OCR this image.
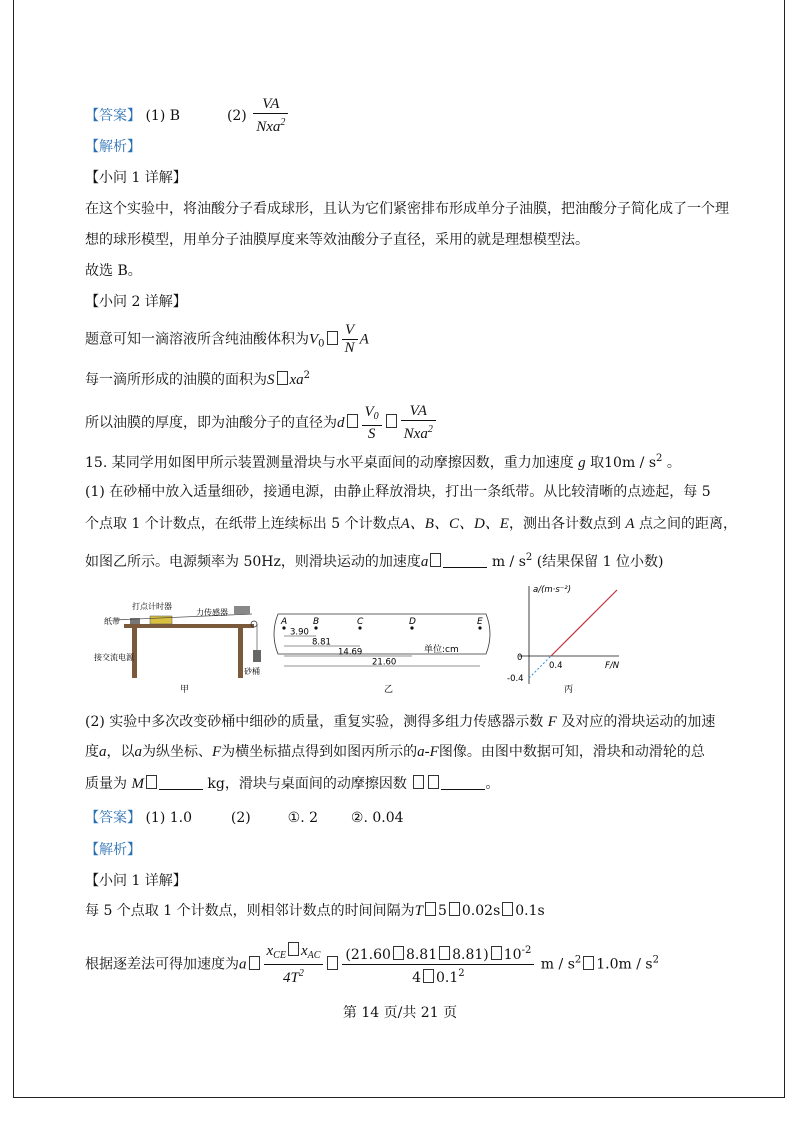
【答案】 (1) B	$(2) \frac{VA}{Nxa^2}$
【解析】
【小问 1 详解】
在这个实验中，将油酸分子看成球形，且认为它们紧密排布形成单分子油膜，把油酸分子简化成了一个理
想的球形模型，用单分子油膜厚度来等效油酸分子直径，采用的就是理想模型法。
故选 B。
【小问 2 详解】
题意可知一滴溶液所含纯油酸体积为$V_0 \frac{V}{N}$ A
每一滴所形成的油膜的面积为S $xa^2$
所以油膜的厚度，即为油酸分子的直径为d $\frac{V_0}{S} \frac{VA}{Nxa^2}$
15. 某同学用如图甲所示装置测量滑块与水平桌面间的动摩擦因数，重力加速度 g 取$10m / s^2$ 。
(1) 在砂桶中放入适量细砂，接通电源，由静止释放滑块，打出一条纸带。从比较清晰的点迹起，每 5
个点取 1 个计数点，在纸带上连续标出 5 个计数点A、B、C、D、E，测出各计数点到 A 点之间的距离，
如图乙所示。电源频率为 50Hz，则滑块运动的加速度a	m / $s^2$ (结果保留 1 位小数)
纸带
打点计时器
力传感器
接交流电源
砂桶
甲
A	B	C	D	E
3.90
8.81
14.69
21.60
乙
单位:cm
a/(m·s⁻²)
F/N
0
0.4
-0.4
丙
(2) 实验中多次改变砂桶中细砂的质量，重复实验，测得多组力传感器示数 F 及对应的滑块运动的加速
度a，以a为纵坐标、F为横坐标描点得到如图丙所示的a-F图像。由图中数据可知，滑块和动滑轮的总
质量为 M	kg，滑块与桌面间的动摩擦因数	。
【答案】 (1) 1.0	(2)	①. 2 ②. 0.04
【解析】
【小问 1 详解】
每 5 个点取 1 个计数点，则相邻计数点的时间间隔为T 5 0.02s 0.1s
根据逐差法可得加速度为a $\frac{x_{CE} x_{AC}}{4T^2} \frac{(21.60 8.81 8.81) 10^{-2}}{4 0.1^2}$ m / $s^2$ $1.0m / s^2$
第 14 页/共 21 页
